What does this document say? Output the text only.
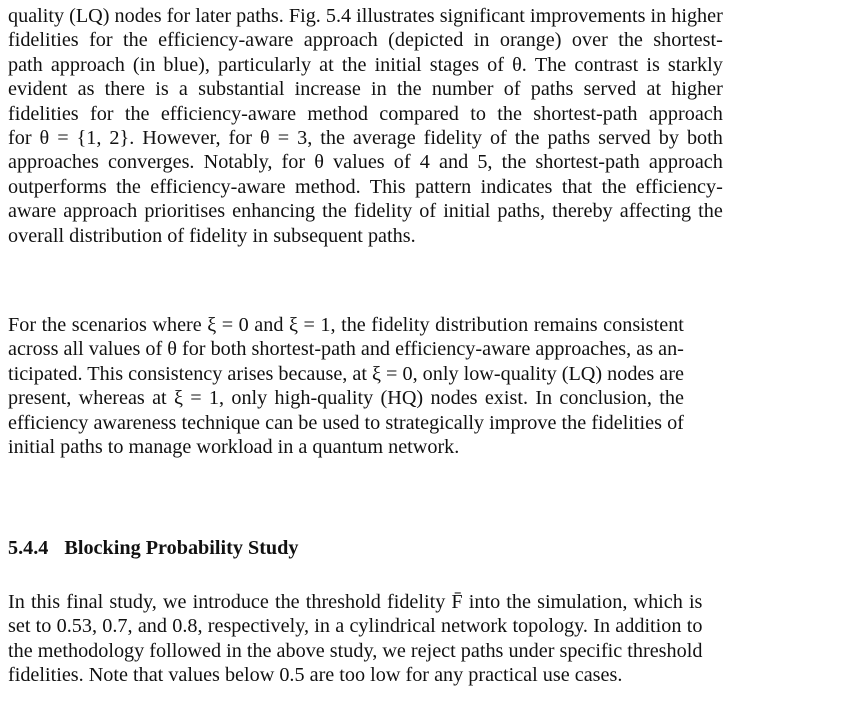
quality (LQ) nodes for later paths. Fig. 5.4 illustrates significant improvements in higher
fidelities for the efficiency-aware approach (depicted in orange) over the shortest-
path approach (in blue), particularly at the initial stages of θ. The contrast is starkly
evident as there is a substantial increase in the number of paths served at higher
fidelities for the efficiency-aware method compared to the shortest-path approach
for θ = {1, 2}. However, for θ = 3, the average fidelity of the paths served by both
approaches converges. Notably, for θ values of 4 and 5, the shortest-path approach
outperforms the efficiency-aware method. This pattern indicates that the efficiency-
aware approach prioritises enhancing the fidelity of initial paths, thereby affecting the
overall distribution of fidelity in subsequent paths.

For the scenarios where ξ = 0 and ξ = 1, the fidelity distribution remains consistent
across all values of θ for both shortest-path and efficiency-aware approaches, as an-
ticipated. This consistency arises because, at ξ = 0, only low-quality (LQ) nodes are
present, whereas at ξ = 1, only high-quality (HQ) nodes exist. In conclusion, the
efficiency awareness technique can be used to strategically improve the fidelities of
initial paths to manage workload in a quantum network.

5.4.4 Blocking Probability Study

In this final study, we introduce the threshold fidelity F̄ into the simulation, which is
set to 0.53, 0.7, and 0.8, respectively, in a cylindrical network topology. In addition to
the methodology followed in the above study, we reject paths under specific threshold
fidelities. Note that values below 0.5 are too low for any practical use cases.
